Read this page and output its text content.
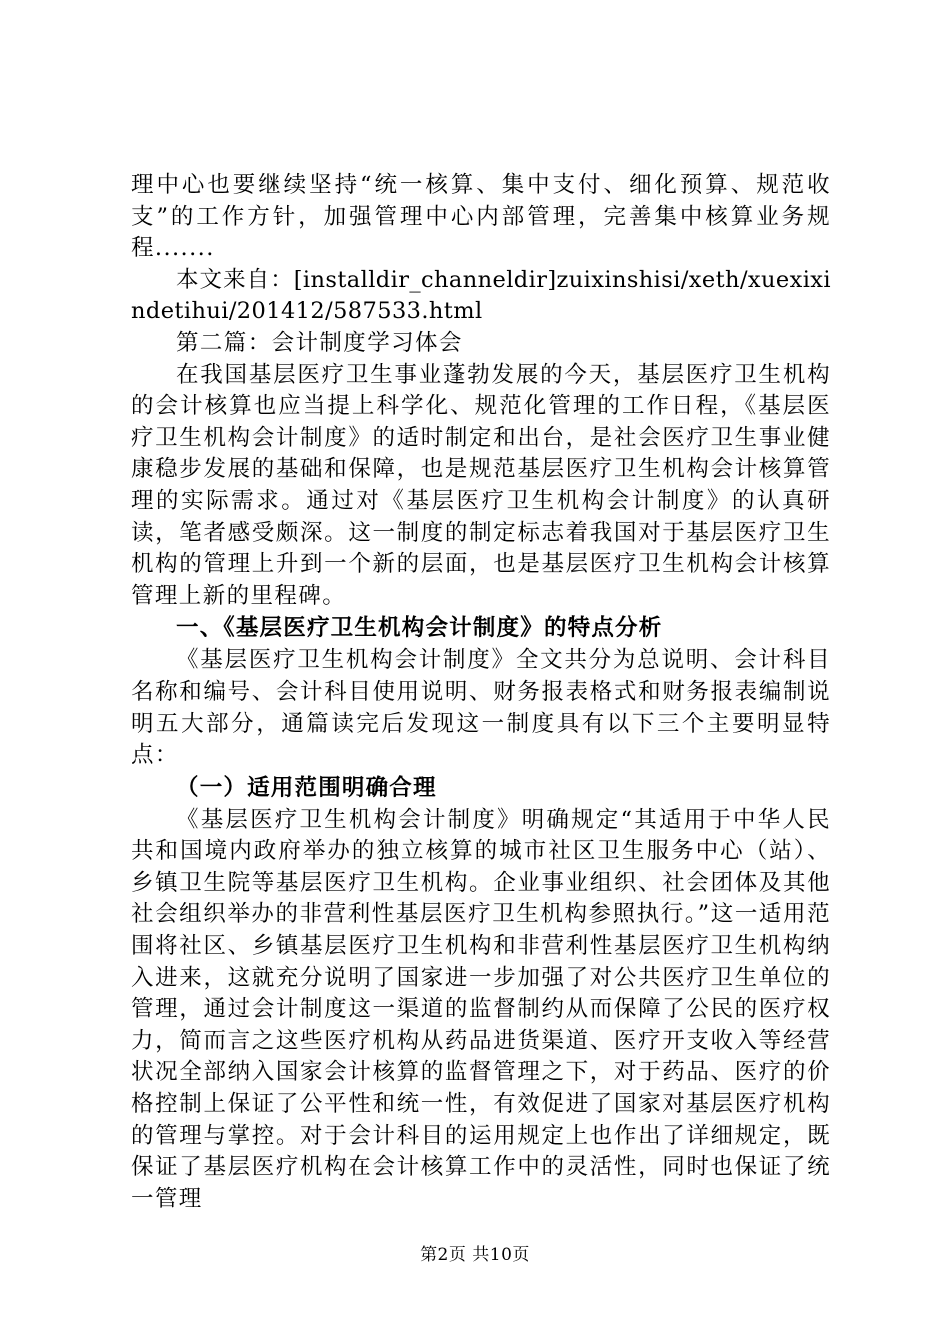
理中心也要继续坚持“统一核算、集中支付、细化预算、规范收支”的工作方针，加强管理中心内部管理，完善集中核算业务规程.......

本文来自：[installdir_channeldir]zuixinshisi/xeth/xuexixindetihui/201412/587533.html

第二篇：会计制度学习体会

在我国基层医疗卫生事业蓬勃发展的今天，基层医疗卫生机构的会计核算也应当提上科学化、规范化管理的工作日程，《基层医疗卫生机构会计制度》的适时制定和出台，是社会医疗卫生事业健康稳步发展的基础和保障，也是规范基层医疗卫生机构会计核算管理的实际需求。通过对《基层医疗卫生机构会计制度》的认真研读，笔者感受颇深。这一制度的制定标志着我国对于基层医疗卫生机构的管理上升到一个新的层面，也是基层医疗卫生机构会计核算管理上新的里程碑。

一、《基层医疗卫生机构会计制度》的特点分析

《基层医疗卫生机构会计制度》全文共分为总说明、会计科目名称和编号、会计科目使用说明、财务报表格式和财务报表编制说明五大部分，通篇读完后发现这一制度具有以下三个主要明显特点：

（一）适用范围明确合理

《基层医疗卫生机构会计制度》明确规定“其适用于中华人民共和国境内政府举办的独立核算的城市社区卫生服务中心（站）、乡镇卫生院等基层医疗卫生机构。企业事业组织、社会团体及其他社会组织举办的非营利性基层医疗卫生机构参照执行。”这一适用范围将社区、乡镇基层医疗卫生机构和非营利性基层医疗卫生机构纳入进来，这就充分说明了国家进一步加强了对公共医疗卫生单位的管理，通过会计制度这一渠道的监督制约从而保障了公民的医疗权力，简而言之这些医疗机构从药品进货渠道、医疗开支收入等经营状况全部纳入国家会计核算的监督管理之下，对于药品、医疗的价格控制上保证了公平性和统一性，有效促进了国家对基层医疗机构的管理与掌控。对于会计科目的运用规定上也作出了详细规定，既保证了基层医疗机构在会计核算工作中的灵活性，同时也保证了统一管理

第2页 共10页
